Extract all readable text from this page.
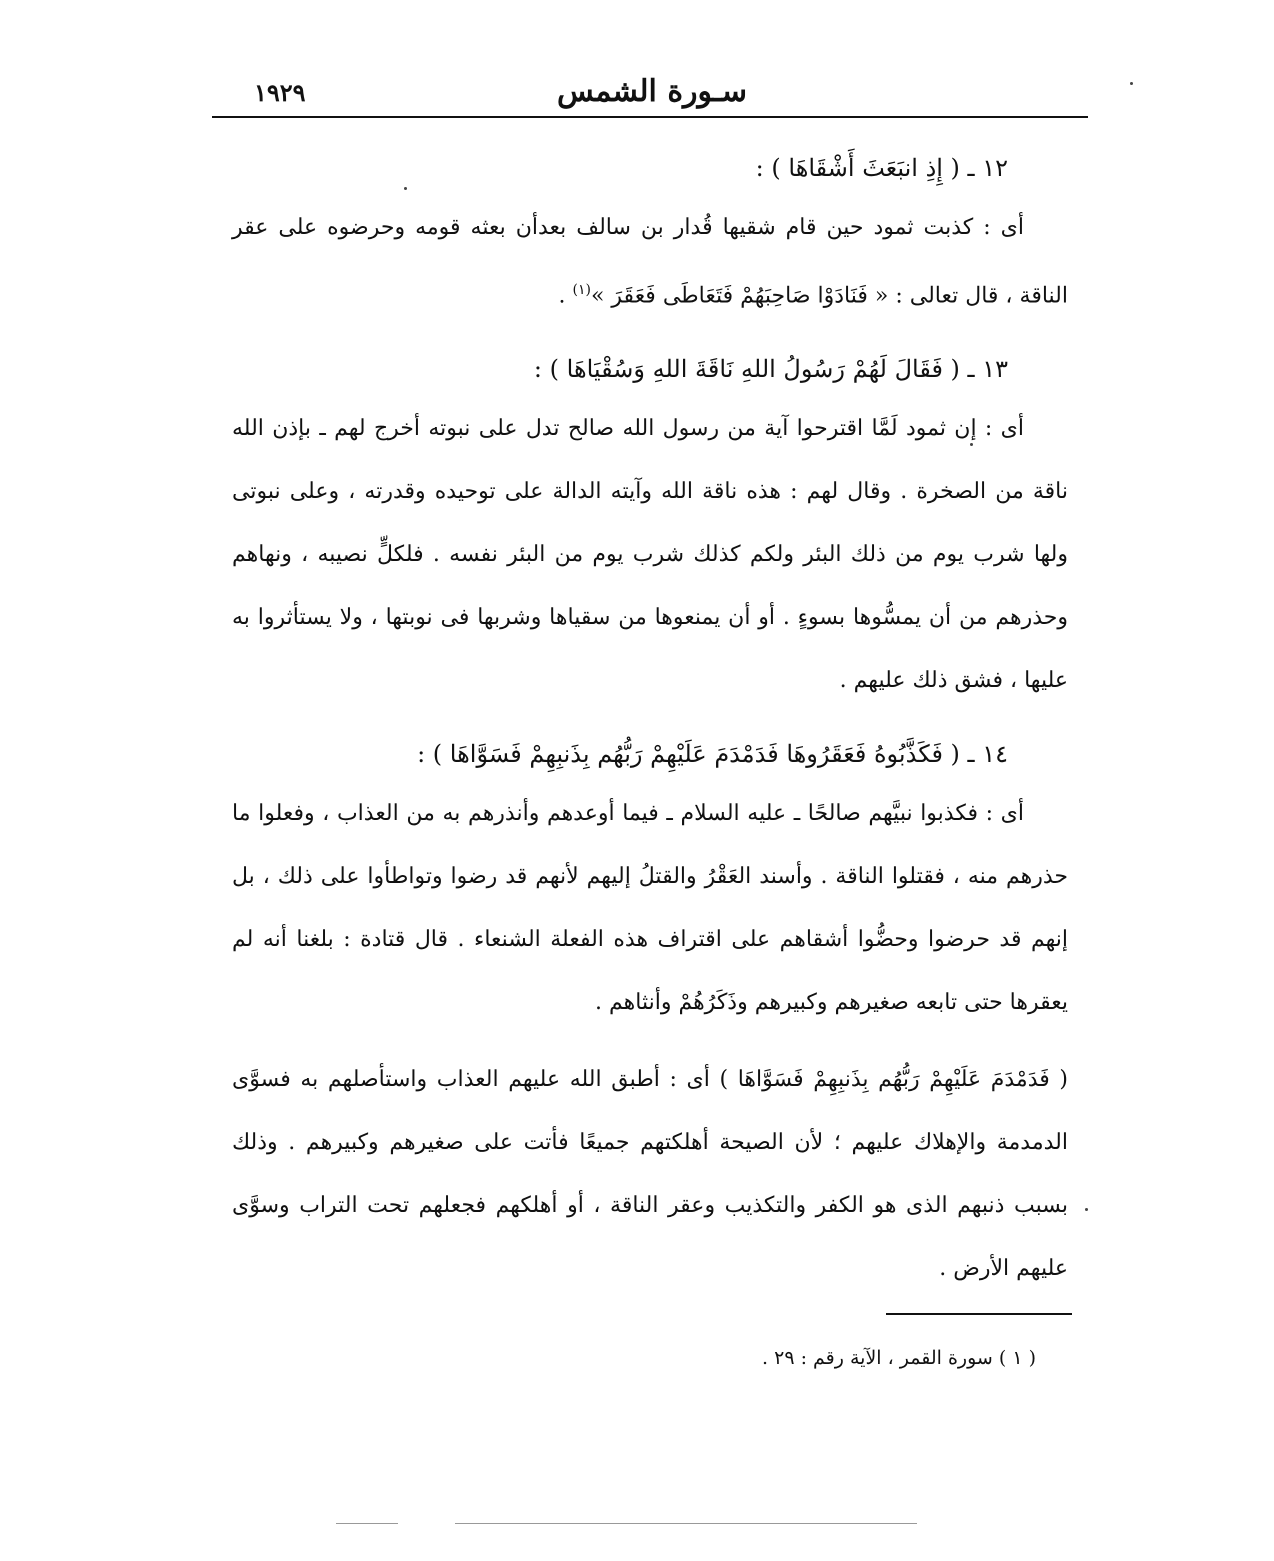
١٩٢٩	سـورة الشمس

١٢ ـ ( إِذِ انبَعَثَ أَشْقَاهَا ) :

أى : كذبت ثمود حين قام شقيها قُدار بن سالف بعدأن بعثه قومه وحرضوه على عقر الناقة ، قال تعالى : « فَنَادَوْا صَاحِبَهُمْ فَتَعَاطَى فَعَقَرَ »$^{(١)}$ .

١٣ ـ ( فَقَالَ لَهُمْ رَسُولُ اللهِ نَاقَةَ اللهِ وَسُقْيَاهَا ) :

أى : إن ثمود لَمَّا اقترحوا آية من رسول الله صالح تدل على نبوته أخرج لهم ـ بإذن الله ناقة من الصخرة . وقال لهم : هذه ناقة الله وآيته الدالة على توحيده وقدرته ، وعلى نبوتى ولها شرب يوم من ذلك البئر ولكم كذلك شرب يوم من البئر نفسه . فلكلٍّ نصيبه ، ونهاهم وحذرهم من أن يمسُّوها بسوءٍ . أو أن يمنعوها من سقياها وشربها فى نوبتها ، ولا يستأثروا به عليها ، فشق ذلك عليهم .

١٤ ـ ( فَكَذَّبُوهُ فَعَقَرُوهَا فَدَمْدَمَ عَلَيْهِمْ رَبُّهُم بِذَنبِهِمْ فَسَوَّاهَا ) :

أى : فكذبوا نبيَّهم صالحًا ـ عليه السلام ـ فيما أوعدهم وأنذرهم به من العذاب ، وفعلوا ما حذرهم منه ، فقتلوا الناقة . وأسند العَقْرُ والقتلُ إليهم لأنهم قد رضوا وتواطأوا على ذلك ، بل إنهم قد حرضوا وحضُّوا أشقاهم على اقتراف هذه الفعلة الشنعاء . قال قتادة : بلغنا أنه لم يعقرها حتى تابعه صغيرهم وكبيرهم وذَكَرُهُمْ وأنثاهم .

( فَدَمْدَمَ عَلَيْهِمْ رَبُّهُم بِذَنبِهِمْ فَسَوَّاهَا ) أى : أطبق الله عليهم العذاب واستأصلهم به فسوَّى الدمدمة والإهلاك عليهم ؛ لأن الصيحة أهلكتهم جميعًا فأتت على صغيرهم وكبيرهم . وذلك بسبب ذنبهم الذى هو الكفر والتكذيب وعقر الناقة ، أو أهلكهم فجعلهم تحت التراب وسوَّى عليهم الأرض .

( ١ ) سورة القمر ، الآية رقم : ٢٩ .
